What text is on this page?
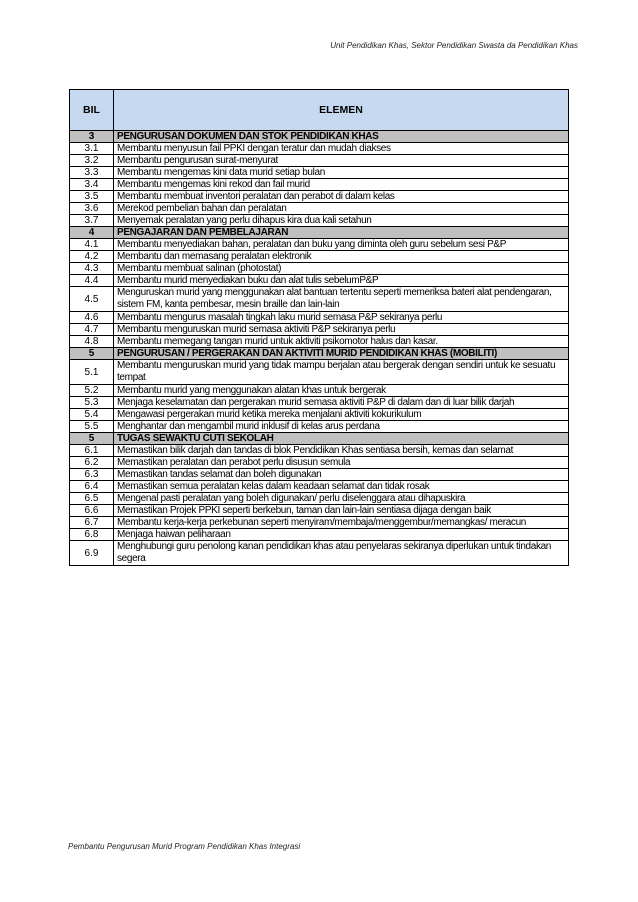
Unit Pendidikan Khas, Sektor Pendidikan Swasta da Pendidikan Khas
BIL	ELEMEN
3	PENGURUSAN DOKUMEN DAN STOK PENDIDIKAN KHAS
3.1	Membantu menyusun fail PPKI dengan teratur dan mudah diakses
3.2	Membantu pengurusan surat-menyurat
3.3	Membantu mengemas kini data murid setiap bulan
3.4	Membantu mengemas kini rekod dan fail murid
3.5	Membantu membuat inventori peralatan dan perabot di dalam kelas
3.6	Merekod pembelian bahan dan peralatan
3.7	Menyemak peralatan yang perlu dihapus kira dua kali setahun
4	PENGAJARAN DAN PEMBELAJARAN
4.1	Membantu menyediakan bahan, peralatan dan buku yang diminta oleh guru sebelum sesi P&P
4.2	Membantu dan memasang peralatan elektronik
4.3	Membantu membuat salinan (photostat)
4.4	Membantu murid menyediakan buku dan alat tulis sebelumP&P
4.5	Menguruskan murid yang menggunakan alat bantuan tertentu seperti memeriksa bateri alat pendengaran, sistem FM, kanta pembesar, mesin braille dan lain-lain
4.6	Membantu mengurus masalah tingkah laku murid semasa P&P sekiranya perlu
4.7	Membantu menguruskan murid semasa aktiviti P&P sekiranya perlu
4.8	Membantu memegang tangan murid untuk aktiviti psikomotor halus dan kasar.
5	PENGURUSAN / PERGERAKAN DAN AKTIVITI MURID PENDIDIKAN KHAS (MOBILITI)
5.1	Membantu menguruskan murid yang tidak mampu berjalan atau bergerak dengan sendiri untuk ke sesuatu tempat
5.2	Membantu murid yang menggunakan alatan khas untuk bergerak
5.3	Menjaga keselamatan dan pergerakan murid semasa aktiviti P&P di dalam dan di luar bilik darjah
5.4	Mengawasi pergerakan murid ketika mereka menjalani aktiviti kokurikulum
5.5	Menghantar dan mengambil murid inklusif di kelas arus perdana
5	TUGAS SEWAKTU CUTI SEKOLAH
6.1	Memastikan bilik darjah dan tandas di blok Pendidikan Khas sentiasa bersih, kemas dan selamat
6.2	Memastikan peralatan dan perabot perlu disusun semula
6.3	Memastikan tandas selamat dan boleh digunakan
6.4	Memastikan semua peralatan kelas dalam keadaan selamat dan tidak rosak
6.5	Mengenal pasti peralatan yang boleh digunakan/ perlu diselenggara atau dihapuskira
6.6	Memastikan Projek PPKI seperti berkebun, taman dan lain-lain sentiasa dijaga dengan baik
6.7	Membantu kerja-kerja perkebunan seperti menyiram/membaja/menggembur/memangkas/ meracun
6.8	Menjaga haiwan peliharaan
6.9	Menghubungi guru penolong kanan pendidikan khas atau penyelaras sekiranya diperlukan untuk tindakan segera
Pembantu Pengurusan Murid Program Pendidikan Khas Integrasi
